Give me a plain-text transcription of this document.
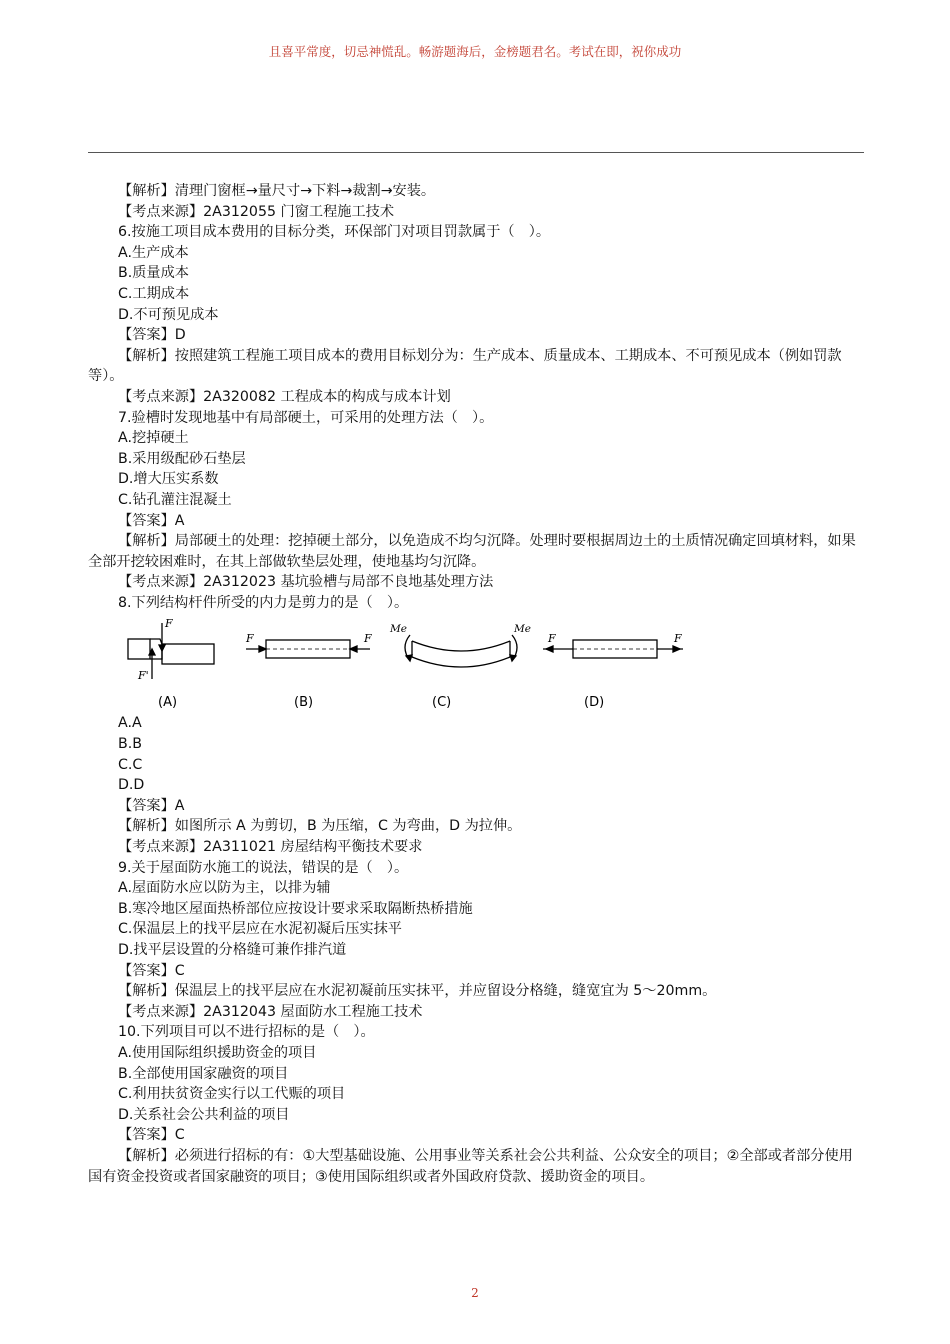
且喜平常度，切忌神慌乱。畅游题海后，金榜题君名。考试在即，祝你成功
【解析】清理门窗框→量尺寸→下料→裁割→安装。
【考点来源】2A312055 门窗工程施工技术
6.按施工项目成本费用的目标分类，环保部门对项目罚款属于（　）。
A.生产成本
B.质量成本
C.工期成本
D.不可预见成本
【答案】D
【解析】按照建筑工程施工项目成本的费用目标划分为：生产成本、质量成本、工期成本、不可预见成本（例如罚款等）。
【考点来源】2A320082 工程成本的构成与成本计划
7.验槽时发现地基中有局部硬土，可采用的处理方法（　）。
A.挖掉硬土
B.采用级配砂石垫层
D.增大压实系数
C.钻孔灌注混凝土
【答案】A
【解析】局部硬土的处理：挖掉硬土部分，以免造成不均匀沉降。处理时要根据周边土的土质情况确定回填材料，如果全部开挖较困难时，在其上部做软垫层处理，使地基均匀沉降。
【考点来源】2A312023 基坑验槽与局部不良地基处理方法
8.下列结构杆件所受的内力是剪力的是（　）。
F
F'
F	F
Me	Me
F	F
(A)	(B)	(C)	(D)
A.A
B.B
C.C
D.D
【答案】A
【解析】如图所示 A 为剪切，B 为压缩，C 为弯曲，D 为拉伸。
【考点来源】2A311021 房屋结构平衡技术要求
9.关于屋面防水施工的说法，错误的是（　）。
A.屋面防水应以防为主，以排为辅
B.寒冷地区屋面热桥部位应按设计要求采取隔断热桥措施
C.保温层上的找平层应在水泥初凝后压实抹平
D.找平层设置的分格缝可兼作排汽道
【答案】C
【解析】保温层上的找平层应在水泥初凝前压实抹平，并应留设分格缝，缝宽宜为 5～20mm。
【考点来源】2A312043 屋面防水工程施工技术
10.下列项目可以不进行招标的是（　）。
A.使用国际组织援助资金的项目
B.全部使用国家融资的项目
C.利用扶贫资金实行以工代赈的项目
D.关系社会公共利益的项目
【答案】C
【解析】必须进行招标的有：①大型基础设施、公用事业等关系社会公共利益、公众安全的项目；②全部或者部分使用国有资金投资或者国家融资的项目；③使用国际组织或者外国政府贷款、援助资金的项目。
2
